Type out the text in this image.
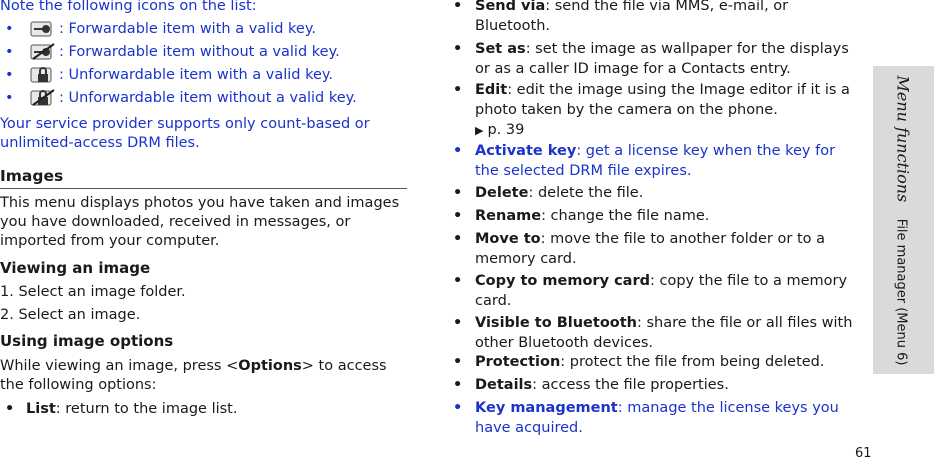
Note the following icons on the list:
•	: Forwardable item with a valid key.
•	: Forwardable item without a valid key.
•	: Unforwardable item with a valid key.
•	: Unforwardable item without a valid key.
Your service provider supports only count-based or
unlimited-access DRM files.
Images
This menu displays photos you have taken and images
you have downloaded, received in messages, or
imported from your computer.
Viewing an image
1. Select an image folder.
2. Select an image.
Using image options
While viewing an image, press <Options> to access
the following options:
• List: return to the image list.
• Send via: send the file via MMS, e-mail, or Bluetooth.
• Set as: set the image as wallpaper for the displays or as a caller ID image for a Contacts entry.
• Edit: edit the image using the Image editor if it is a photo taken by the camera on the phone.
▶ p. 39
• Activate key: get a license key when the key for the selected DRM file expires.
• Delete: delete the file.
• Rename: change the file name.
• Move to: move the file to another folder or to a memory card.
• Copy to memory card: copy the file to a memory card.
• Visible to Bluetooth: share the file or all files with other Bluetooth devices.
• Protection: protect the file from being deleted.
• Details: access the file properties.
• Key management: manage the license keys you have acquired.
Menu functions    File manager (Menu 6)
61
